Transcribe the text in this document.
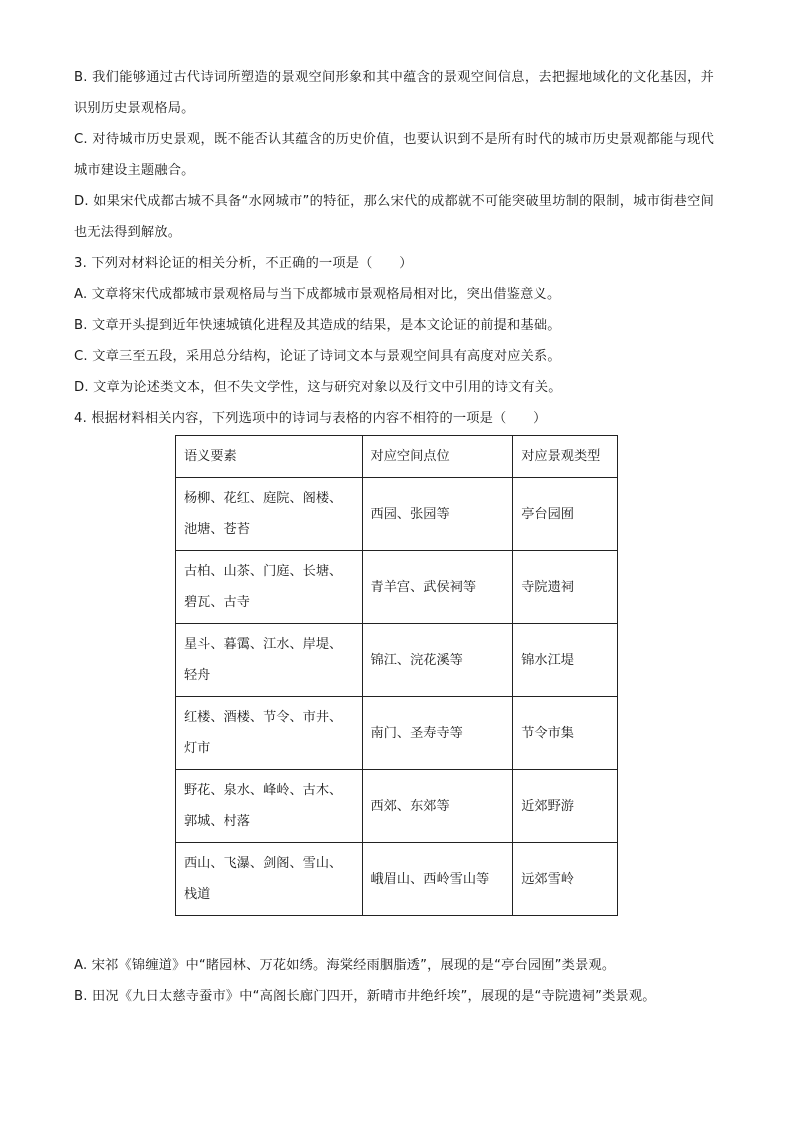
B. 我们能够通过古代诗词所塑造的景观空间形象和其中蕴含的景观空间信息，去把握地域化的文化基因，并识别历史景观格局。

C. 对待城市历史景观，既不能否认其蕴含的历史价值，也要认识到不是所有时代的城市历史景观都能与现代城市建设主题融合。

D. 如果宋代成都古城不具备“水网城市”的特征，那么宋代的成都就不可能突破里坊制的限制，城市街巷空间也无法得到解放。

3. 下列对材料论证的相关分析，不正确的一项是（　　）
A. 文章将宋代成都城市景观格局与当下成都城市景观格局相对比，突出借鉴意义。
B. 文章开头提到近年快速城镇化进程及其造成的结果，是本文论证的前提和基础。
C. 文章三至五段，采用总分结构，论证了诗词文本与景观空间具有高度对应关系。
D. 文章为论述类文本，但不失文学性，这与研究对象以及行文中引用的诗文有关。
4. 根据材料相关内容，下列选项中的诗词与表格的内容不相符的一项是（　　）
语义要素	对应空间点位	对应景观类型
杨柳、花红、庭院、阁楼、池塘、苍苔	西园、张园等	亭台园囿
古柏、山茶、门庭、长塘、碧瓦、古寺	青羊宫、武侯祠等	寺院遗祠
星斗、暮霭、江水、岸堤、轻舟	锦江、浣花溪等	锦水江堤
红楼、酒楼、节令、市井、灯市	南门、圣寿寺等	节令市集
野花、泉水、峰岭、古木、郭城、村落	西郊、东郊等	近郊野游
西山、飞瀑、剑阁、雪山、栈道	峨眉山、西岭雪山等	远郊雪岭
A. 宋祁《锦缠道》中“睹园林、万花如绣。海棠经雨胭脂透”，展现的是“亭台园囿”类景观。
B. 田况《九日太慈寺蚕市》中“高阁长廊门四开，新晴市井绝纤埃”，展现的是“寺院遗祠”类景观。
